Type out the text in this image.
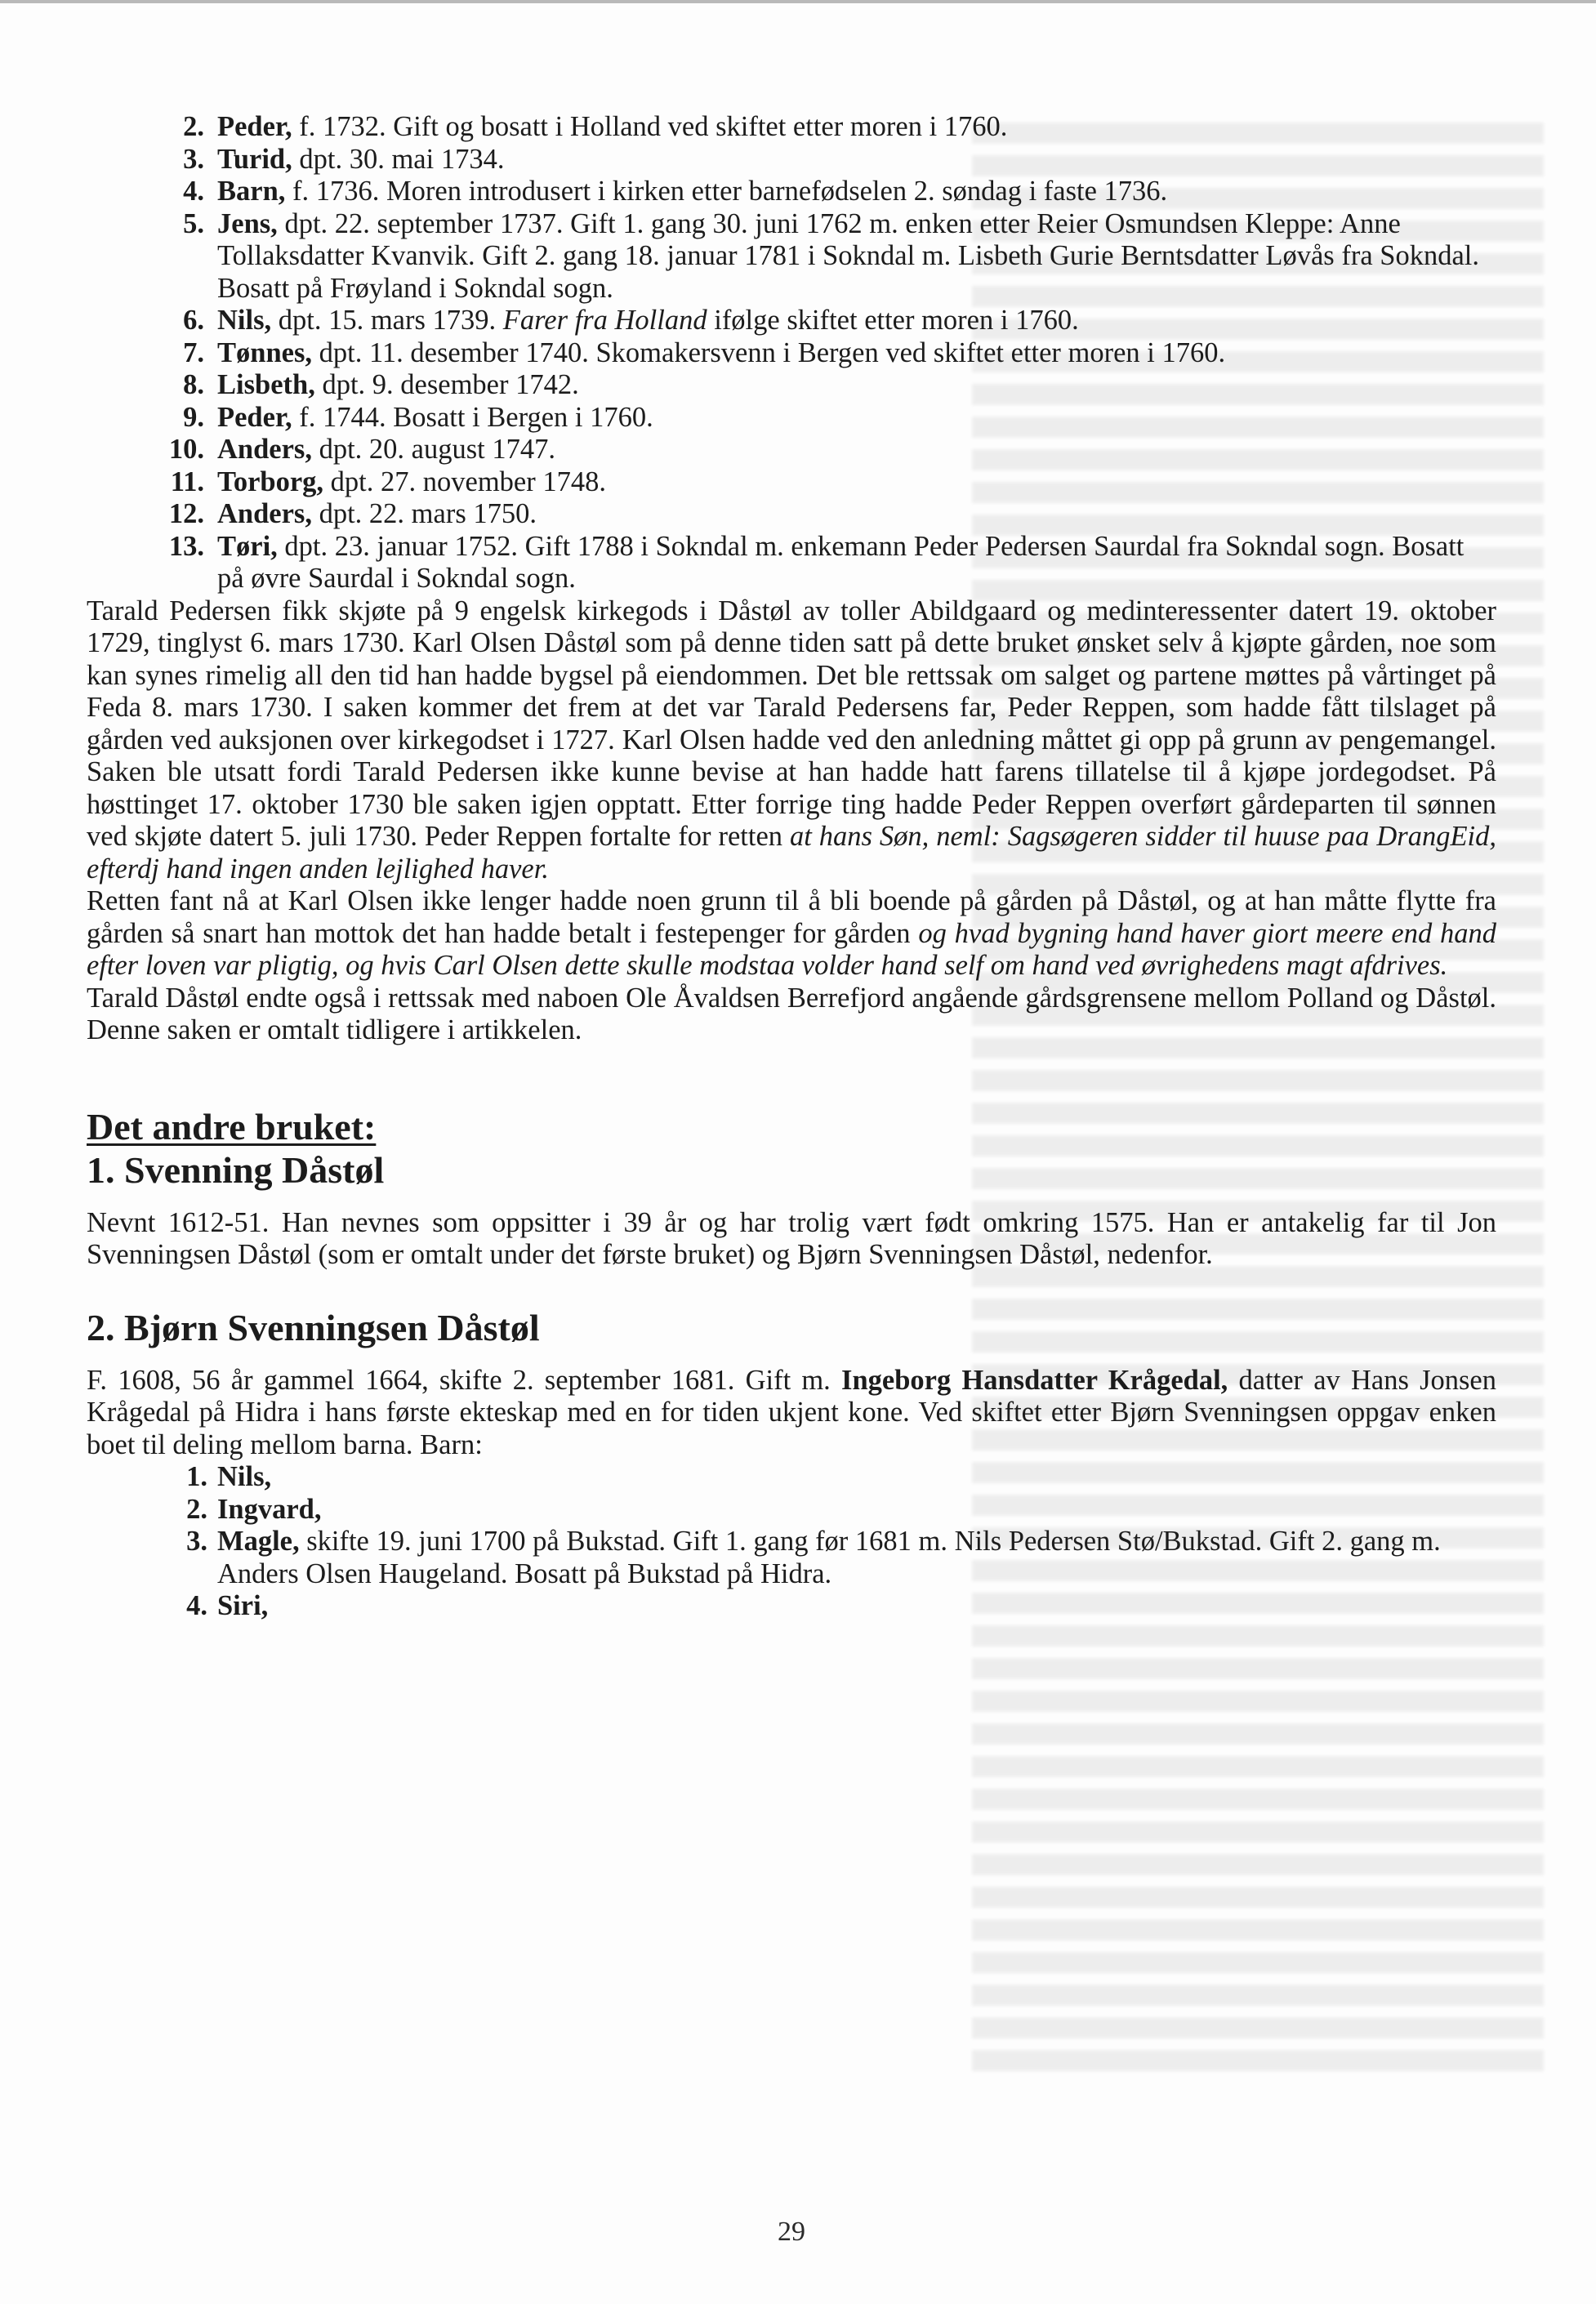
2. Peder, f. 1732. Gift og bosatt i Holland ved skiftet etter moren i 1760.
3. Turid, dpt. 30. mai 1734.
4. Barn, f. 1736. Moren introdusert i kirken etter barnefødselen 2. søndag i faste 1736.
5. Jens, dpt. 22. september 1737. Gift 1. gang 30. juni 1762 m. enken etter Reier Osmundsen Kleppe: Anne Tollaksdatter Kvanvik. Gift 2. gang 18. januar 1781 i Sokndal m. Lisbeth Gurie Berntsdatter Løvås fra Sokndal. Bosatt på Frøyland i Sokndal sogn.
6. Nils, dpt. 15. mars 1739. Farer fra Holland ifølge skiftet etter moren i 1760.
7. Tønnes, dpt. 11. desember 1740. Skomakersvenn i Bergen ved skiftet etter moren i 1760.
8. Lisbeth, dpt. 9. desember 1742.
9. Peder, f. 1744. Bosatt i Bergen i 1760.
10. Anders, dpt. 20. august 1747.
11. Torborg, dpt. 27. november 1748.
12. Anders, dpt. 22. mars 1750.
13. Tøri, dpt. 23. januar 1752. Gift 1788 i Sokndal m. enkemann Peder Pedersen Saurdal fra Sokndal sogn. Bosatt på øvre Saurdal i Sokndal sogn.

Tarald Pedersen fikk skjøte på 9 engelsk kirkegods i Dåstøl av toller Abildgaard og medinteressenter datert 19. oktober 1729, tinglyst 6. mars 1730. Karl Olsen Dåstøl som på denne tiden satt på dette bruket ønsket selv å kjøpte gården, noe som kan synes rimelig all den tid han hadde bygsel på eiendommen. Det ble rettssak om salget og partene møttes på vårtinget på Feda 8. mars 1730. I saken kommer det frem at det var Tarald Pedersens far, Peder Reppen, som hadde fått tilslaget på gården ved auksjonen over kirkegodset i 1727. Karl Olsen hadde ved den anledning måttet gi opp på grunn av pengemangel. Saken ble utsatt fordi Tarald Pedersen ikke kunne bevise at han hadde hatt farens tillatelse til å kjøpe jordegodset. På høsttinget 17. oktober 1730 ble saken igjen opptatt. Etter forrige ting hadde Peder Reppen overført gårdeparten til sønnen ved skjøte datert 5. juli 1730. Peder Reppen fortalte for retten at hans Søn, neml: Sagsøgeren sidder til huuse paa DrangEid, efterdj hand ingen anden lejlighed haver.

Retten fant nå at Karl Olsen ikke lenger hadde noen grunn til å bli boende på gården på Dåstøl, og at han måtte flytte fra gården så snart han mottok det han hadde betalt i festepenger for gården og hvad bygning hand haver giort meere end hand efter loven var pligtig, og hvis Carl Olsen dette skulle modstaa volder hand self om hand ved øvrighedens magt afdrives.

Tarald Dåstøl endte også i rettssak med naboen Ole Åvaldsen Berrefjord angående gårdsgrensene mellom Polland og Dåstøl. Denne saken er omtalt tidligere i artikkelen.

Det andre bruket:
1. Svenning Dåstøl

Nevnt 1612-51. Han nevnes som oppsitter i 39 år og har trolig vært født omkring 1575. Han er antakelig far til Jon Svenningsen Dåstøl (som er omtalt under det første bruket) og Bjørn Svenningsen Dåstøl, nedenfor.

2. Bjørn Svenningsen Dåstøl

F. 1608, 56 år gammel 1664, skifte 2. september 1681. Gift m. Ingeborg Hansdatter Krågedal, datter av Hans Jonsen Krågedal på Hidra i hans første ekteskap med en for tiden ukjent kone. Ved skiftet etter Bjørn Svenningsen oppgav enken boet til deling mellom barna. Barn:

1. Nils,
2. Ingvard,
3. Magle, skifte 19. juni 1700 på Bukstad. Gift 1. gang før 1681 m. Nils Pedersen Stø/Bukstad. Gift 2. gang m. Anders Olsen Haugeland. Bosatt på Bukstad på Hidra.
4. Siri,
29
